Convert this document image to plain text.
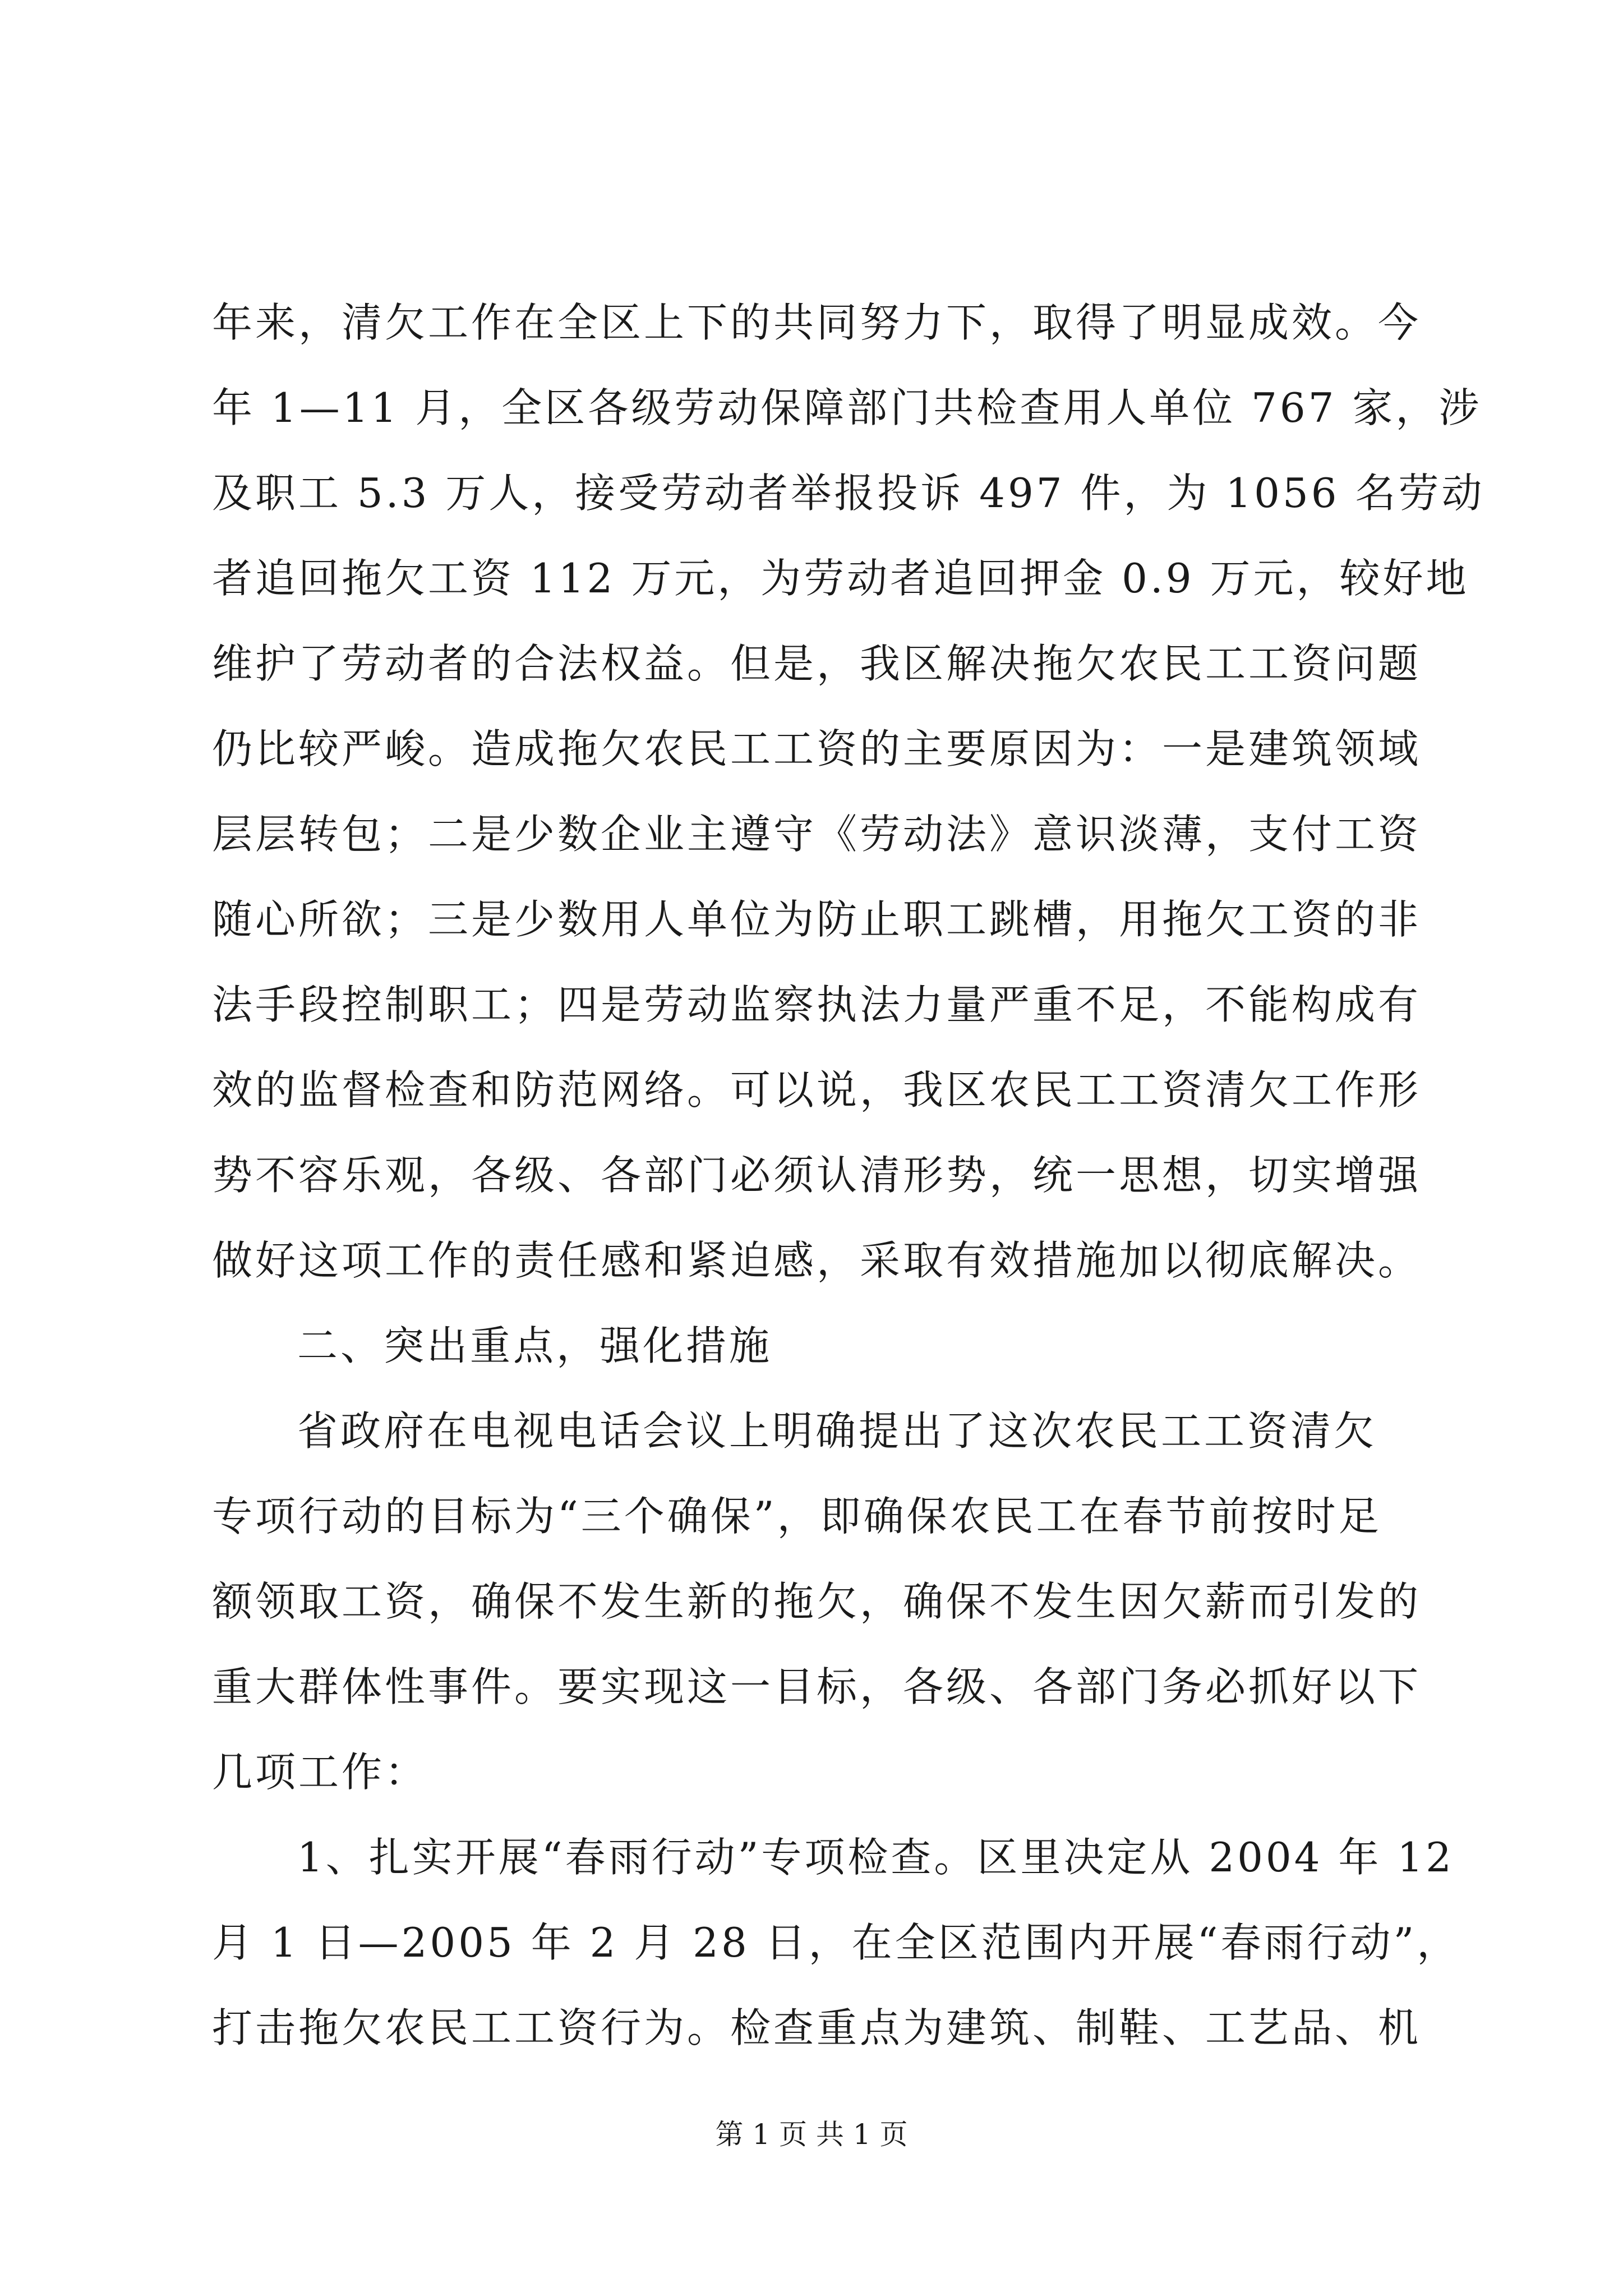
年来，清欠工作在全区上下的共同努力下，取得了明显成效。今
年 1—11 月，全区各级劳动保障部门共检查用人单位 767 家，涉
及职工 5.3 万人，接受劳动者举报投诉 497 件，为 1056 名劳动
者追回拖欠工资 112 万元，为劳动者追回押金 0.9 万元，较好地
维护了劳动者的合法权益。但是，我区解决拖欠农民工工资问题
仍比较严峻。造成拖欠农民工工资的主要原因为：一是建筑领域
层层转包；二是少数企业主遵守《劳动法》意识淡薄，支付工资
随心所欲；三是少数用人单位为防止职工跳槽，用拖欠工资的非
法手段控制职工；四是劳动监察执法力量严重不足，不能构成有
效的监督检查和防范网络。可以说，我区农民工工资清欠工作形
势不容乐观，各级、各部门必须认清形势，统一思想，切实增强
做好这项工作的责任感和紧迫感，采取有效措施加以彻底解决。
二、突出重点，强化措施
省政府在电视电话会议上明确提出了这次农民工工资清欠
专项行动的目标为“三个确保”，即确保农民工在春节前按时足
额领取工资，确保不发生新的拖欠，确保不发生因欠薪而引发的
重大群体性事件。要实现这一目标，各级、各部门务必抓好以下
几项工作：
1、扎实开展“春雨行动”专项检查。区里决定从 2004 年 12
月 1 日—2005 年 2 月 28 日，在全区范围内开展“春雨行动”，
打击拖欠农民工工资行为。检查重点为建筑、制鞋、工艺品、机
第 1 页 共 1 页
